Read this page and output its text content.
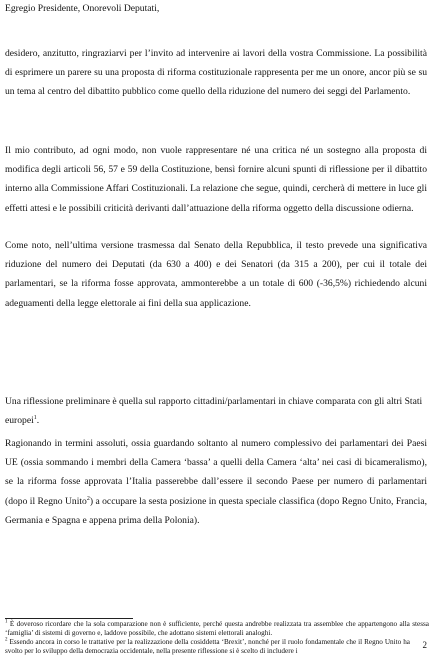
Egregio Presidente, Onorevoli Deputati,

desidero, anzitutto, ringraziarvi per l’invito ad intervenire ai lavori della vostra Commissione. La possibilità di esprimere un parere su una proposta di riforma costituzionale rappresenta per me un onore, ancor più se su un tema al centro del dibattito pubblico come quello della riduzione del numero dei seggi del Parlamento.

Il mio contributo, ad ogni modo, non vuole rappresentare né una critica né un sostegno alla proposta di modifica degli articoli 56, 57 e 59 della Costituzione, bensì fornire alcuni spunti di riflessione per il dibattito interno alla Commissione Affari Costituzionali. La relazione che segue, quindi, cercherà di mettere in luce gli effetti attesi e le possibili criticità derivanti dall’attuazione della riforma oggetto della discussione odierna.

Come noto, nell’ultima versione trasmessa dal Senato della Repubblica, il testo prevede una significativa riduzione del numero dei Deputati (da 630 a 400) e dei Senatori (da 315 a 200), per cui il totale dei parlamentari, se la riforma fosse approvata, ammonterebbe a un totale di 600 (-36,5%) richiedendo alcuni adeguamenti della legge elettorale ai fini della sua applicazione.

Una riflessione preliminare è quella sul rapporto cittadini/parlamentari in chiave comparata con gli altri Stati europei$^1$.

Ragionando in termini assoluti, ossia guardando soltanto al numero complessivo dei parlamentari dei Paesi UE (ossia sommando i membri della Camera ‘bassa’ a quelli della Camera ‘alta’ nei casi di bicameralismo), se la riforma fosse approvata l’Italia passerebbe dall’essere il secondo Paese per numero di parlamentari (dopo il Regno Unito$^2$) a occupare la sesta posizione in questa speciale classifica (dopo Regno Unito, Francia, Germania e Spagna e appena prima della Polonia).

$^1$ È doveroso ricordare che la sola comparazione non è sufficiente, perché questa andrebbe realizzata tra assemblee che appartengono alla stessa ‘famiglia’ di sistemi di governo e, laddove possibile, che adottano sistemi elettorali analoghi.

$^2$ Essendo ancora in corso le trattative per la realizzazione della cosiddetta ‘Brexit’, nonché per il ruolo fondamentale che il Regno Unito ha svolto per lo sviluppo della democrazia occidentale, nella presente riflessione si è scelto di includere i

2
